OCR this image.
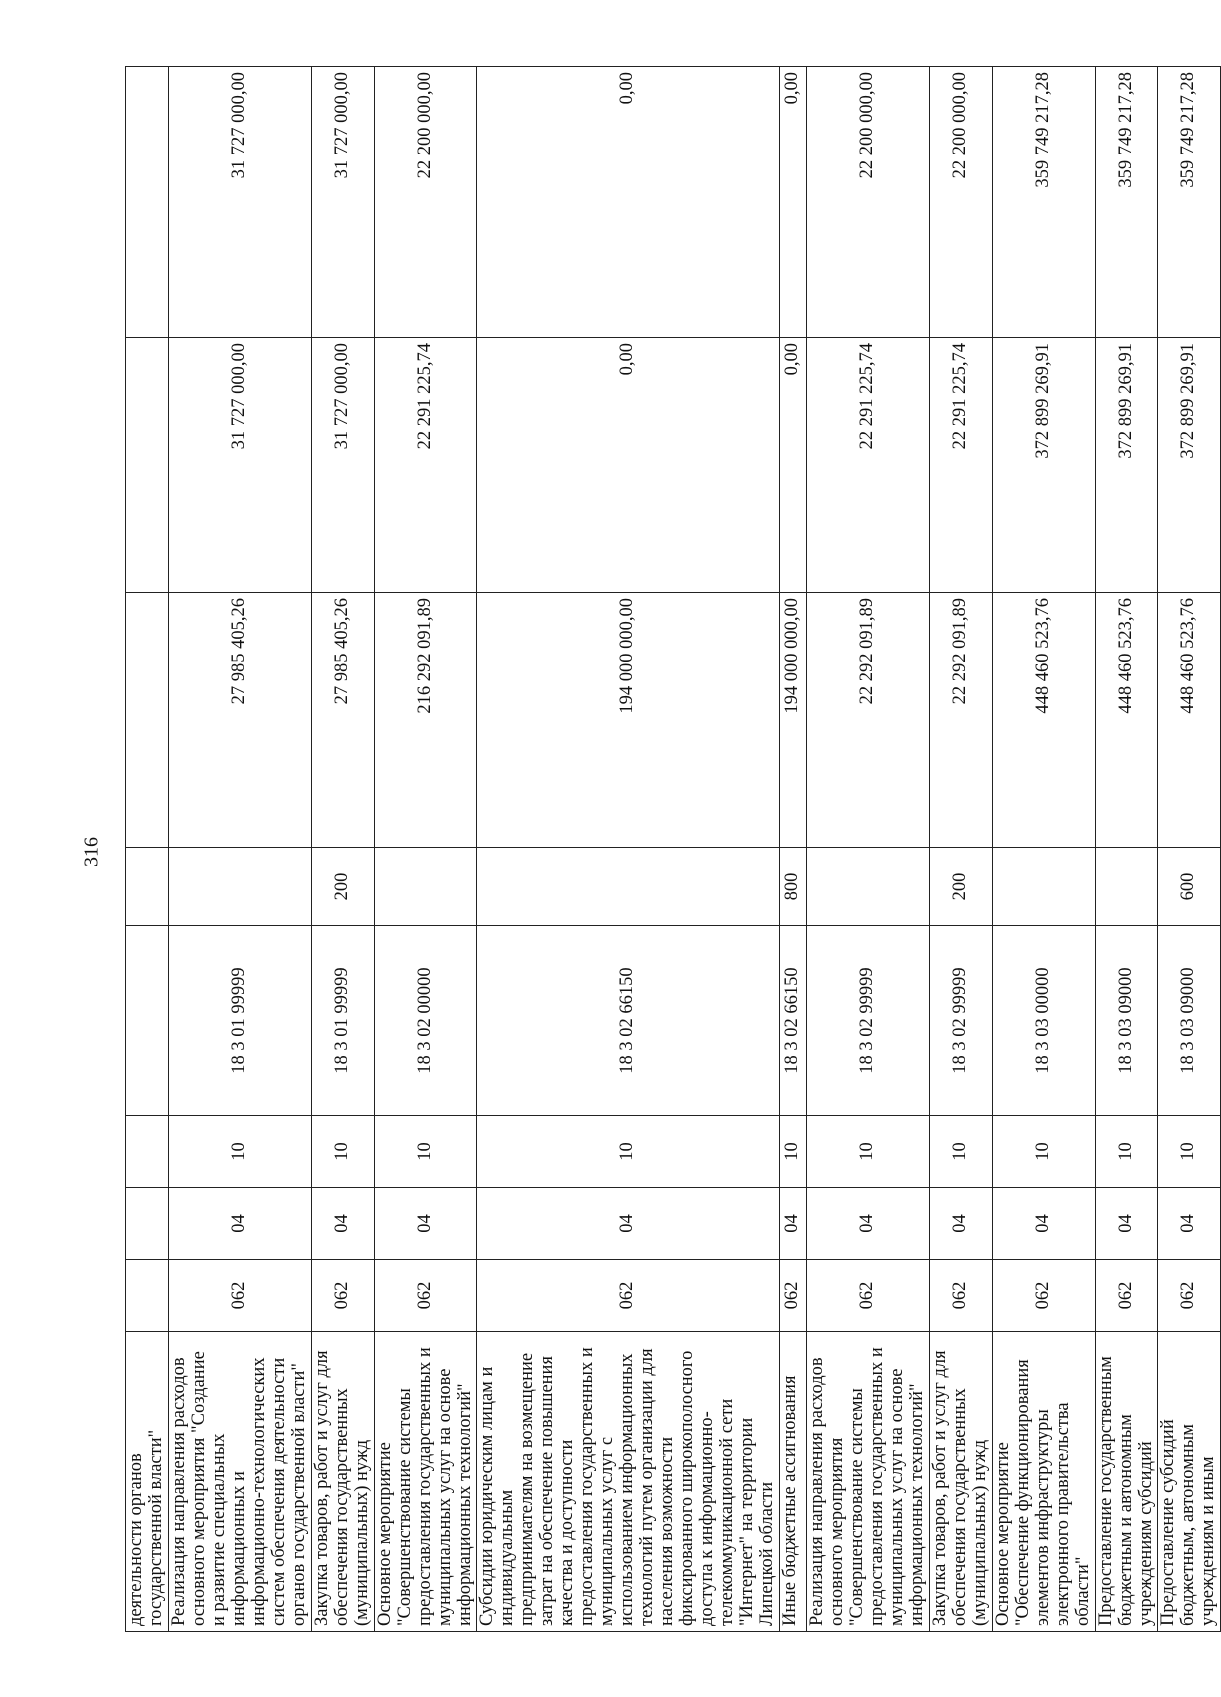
316
деятельности органов государственной власти"								
Реализация направления расходов основного мероприятия "Создание и развитие специальных информационных и информационно-технологических систем обеспечения деятельности органов государственной власти"	062	04	10	18 3 01 99999		27 985 405,26	31 727 000,00	31 727 000,00
Закупка товаров, работ и услуг для обеспечения государственных (муниципальных) нужд	062	04	10	18 3 01 99999	200	27 985 405,26	31 727 000,00	31 727 000,00
Основное мероприятие "Совершенствование системы предоставления государственных и муниципальных услуг на основе информационных технологий"	062	04	10	18 3 02 00000		216 292 091,89	22 291 225,74	22 200 000,00
Субсидии юридическим лицам и индивидуальным предпринимателям на возмещение затрат на обеспечение повышения качества и доступности предоставления государственных и муниципальных услуг с использованием информационных технологий путем организации для населения возможности фиксированного широкополосного доступа к информационно-телекоммуникационной сети "Интернет" на территории Липецкой области	062	04	10	18 3 02 66150		194 000 000,00	0,00	0,00
Иные бюджетные ассигнования	062	04	10	18 3 02 66150	800	194 000 000,00	0,00	0,00
Реализация направления расходов основного мероприятия "Совершенствование системы предоставления государственных и муниципальных услуг на основе информационных технологий"	062	04	10	18 3 02 99999		22 292 091,89	22 291 225,74	22 200 000,00
Закупка товаров, работ и услуг для обеспечения государственных (муниципальных) нужд	062	04	10	18 3 02 99999	200	22 292 091,89	22 291 225,74	22 200 000,00
Основное мероприятие "Обеспечение функционирования элементов инфраструктуры электронного правительства области"	062	04	10	18 3 03 00000		448 460 523,76	372 899 269,91	359 749 217,28
Предоставление государственным бюджетным и автономным учреждениям субсидий	062	04	10	18 3 03 09000		448 460 523,76	372 899 269,91	359 749 217,28
Предоставление субсидий бюджетным, автономным учреждениям и иным	062	04	10	18 3 03 09000	600	448 460 523,76	372 899 269,91	359 749 217,28
